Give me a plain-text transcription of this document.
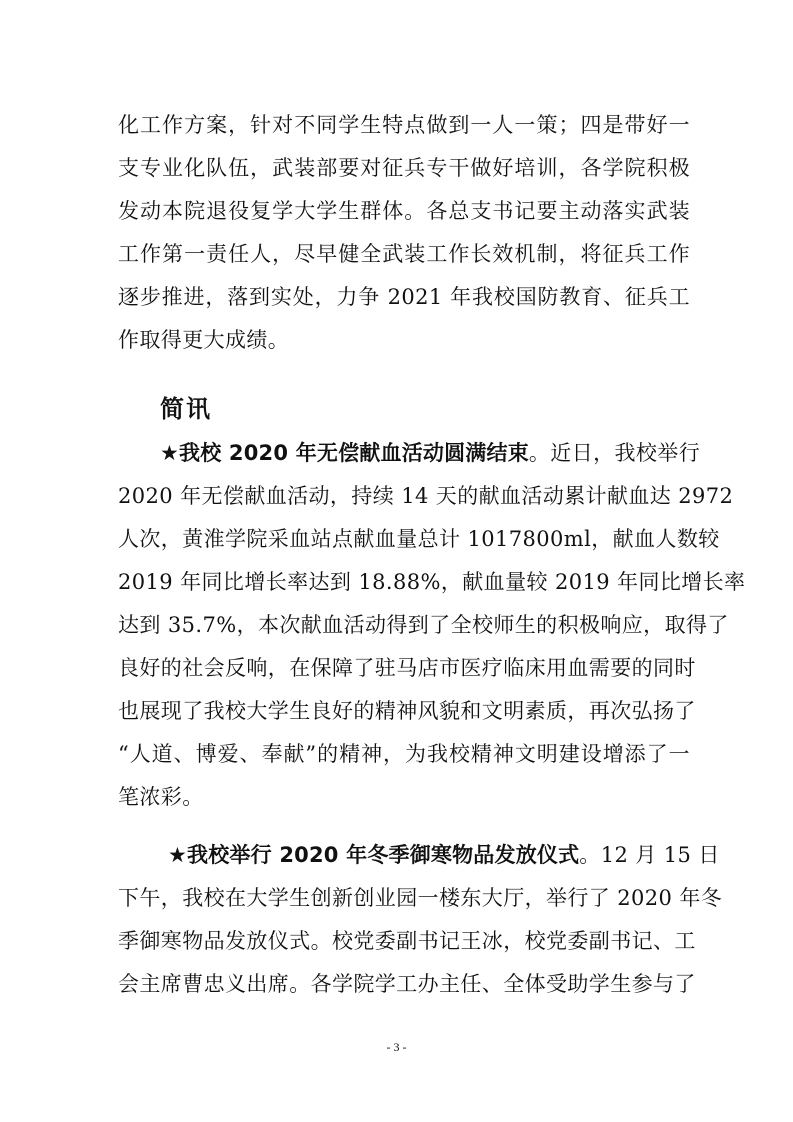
化工作方案，针对不同学生特点做到一人一策；四是带好一
支专业化队伍，武装部要对征兵专干做好培训，各学院积极
发动本院退役复学大学生群体。各总支书记要主动落实武装
工作第一责任人，尽早健全武装工作长效机制，将征兵工作
逐步推进，落到实处，力争 2021 年我校国防教育、征兵工
作取得更大成绩。
简讯
★我校 2020 年无偿献血活动圆满结束。近日，我校举行
2020 年无偿献血活动，持续 14 天的献血活动累计献血达 2972
人次，黄淮学院采血站点献血量总计 1017800ml，献血人数较
2019 年同比增长率达到 18.88%，献血量较 2019 年同比增长率
达到 35.7%，本次献血活动得到了全校师生的积极响应，取得了
良好的社会反响，在保障了驻马店市医疗临床用血需要的同时
也展现了我校大学生良好的精神风貌和文明素质，再次弘扬了
“人道、博爱、奉献”的精神，为我校精神文明建设增添了一
笔浓彩。
★我校举行 2020 年冬季御寒物品发放仪式。12 月 15 日
下午，我校在大学生创新创业园一楼东大厅，举行了 2020 年冬
季御寒物品发放仪式。校党委副书记王冰，校党委副书记、工
会主席曹忠义出席。各学院学工办主任、全体受助学生参与了
- 3 -
